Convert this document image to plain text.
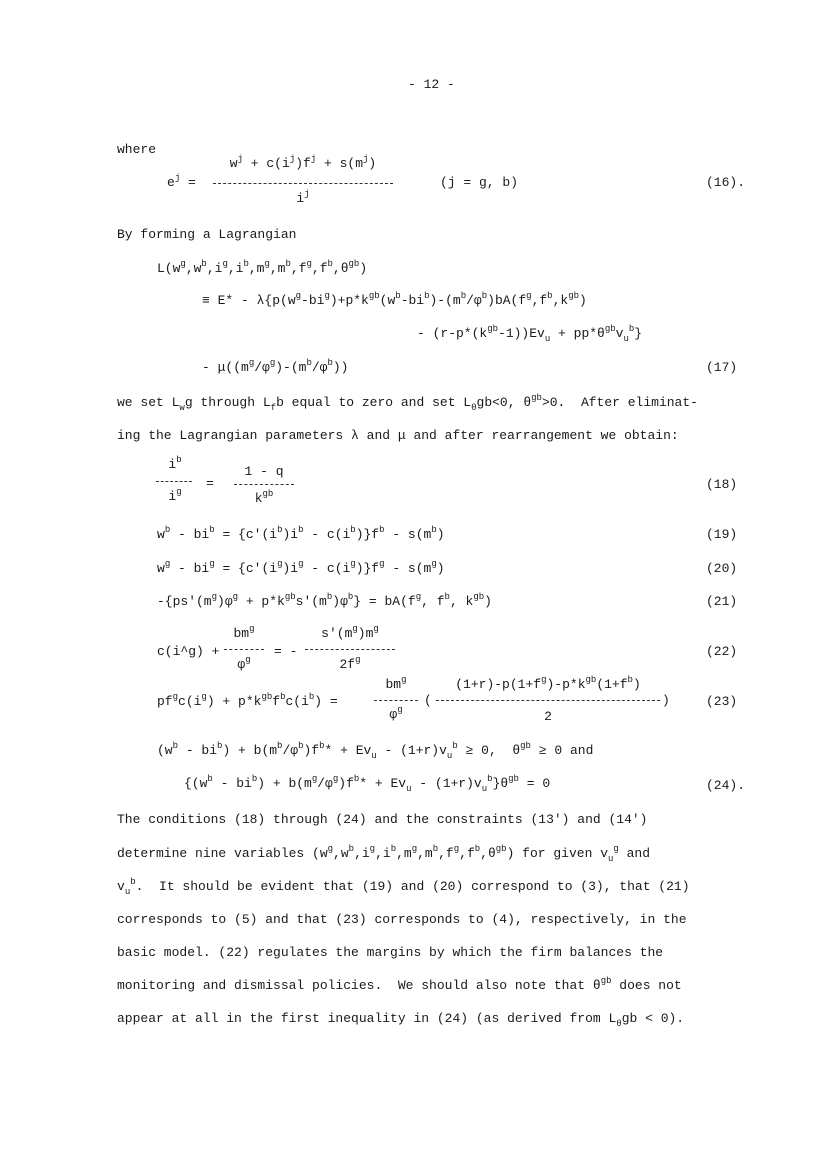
- 12 -
where
$e^j$ =
$w^j + c(i^j)f^j + s(m^j)$
$i^j$
(j = g, b)	(16).
By forming a Lagrangian
$L(w^g,w^b,i^g,i^b,m^g,m^b,f^g,f^b,\theta^{gb})$
≡ $E* - \lambda\{p(w^g-bi^g)+p*k^{gb}(w^b-bi^b)-(m^b/\varphi^b)bA(f^g,f^b,k^{gb})$
- $(r-p*(k^{gb}-1))Ev_u + pp*\theta^{gb}v_u^b$}
- $\mu((m^g/\varphi^g)-(m^b/\varphi^b))$	(17)
we set $L_wg$ through $L_fb$ equal to zero and set $L_\theta gb<0$, $\theta^{gb}>0$.  After eliminat-
ing the Lagrangian parameters λ and μ and after rearrangement we obtain:
$i^b$
$i^g$
=
1 - q
$k^{gb}$
(18)
$w^b - bi^b = \{c'(i^b)i^b - c(i^b)\}f^b - s(m^b)$	(19)
$w^g - bi^g = \{c'(i^g)i^g - c(i^g)\}f^g - s(m^g)$	(20)
$-\{ps'(m^g)\varphi^g + p*k^{gb}s'(m^b)\varphi^b\} = bA(f^g$, $f^b$, $k^{gb}$)	(21)
c(i^g) +
$bm^g$
$\varphi^g$
= -
$s'(m^g)m^g$
$2f^g$
(22)
$pf^gc(i^g) + p*k^{gb}f^bc(i^b)$ =
$bm^g$
$\varphi^g$
(
$(1+r)-p(1+f^g)-p*k^{gb}(1+f^b)$
2
)	(23)
$(w^b - bi^b) + b(m^b/\varphi^b)f^b* + Ev_u - (1+r)v_u^b \ge 0$,  $\theta^{gb} \ge 0$ and
$\{(w^b - bi^b) + b(m^g/\varphi^g)f^b* + Ev_u - (1+r)v_u^b\}\theta^{gb} = 0$	(24).
The conditions (18) through (24) and the constraints (13') and (14')
determine nine variables $(w^g,w^b,i^g,i^b,m^g,m^b,f^g,f^b,\theta^{gb})$ for given $v_u^g$ and
$v_u^b$.  It should be evident that (19) and (20) correspond to (3), that (21)
corresponds to (5) and that (23) corresponds to (4), respectively, in the
basic model. (22) regulates the margins by which the firm balances the
monitoring and dismissal policies.  We should also note that $\theta^{gb}$ does not
appear at all in the first inequality in (24) (as derived from $L_\theta gb < 0$).
